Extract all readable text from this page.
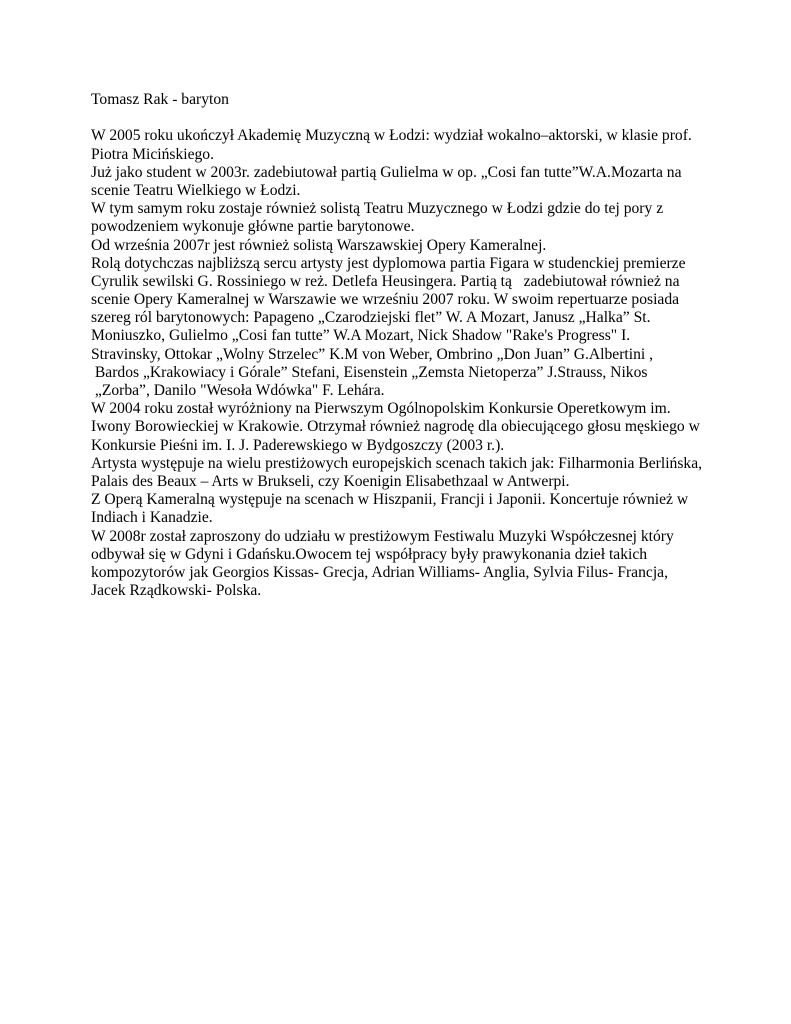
Tomasz Rak - baryton
W 2005 roku ukończył Akademię Muzyczną w Łodzi: wydział wokalno–aktorski, w klasie prof.
Piotra Micińskiego.
Już jako student w 2003r. zadebiutował partią Gulielma w op. „Cosi fan tutte”W.A.Mozarta na
scenie Teatru Wielkiego w Łodzi.
W tym samym roku zostaje również solistą Teatru Muzycznego w Łodzi gdzie do tej pory z
powodzeniem wykonuje główne partie barytonowe.
Od września 2007r jest również solistą Warszawskiej Opery Kameralnej.
Rolą dotychczas najbliższą sercu artysty jest dyplomowa partia Figara w studenckiej premierze
Cyrulik sewilski G. Rossiniego w reż. Detlefa Heusingera. Partią tą   zadebiutował również na
scenie Opery Kameralnej w Warszawie we wrześniu 2007 roku. W swoim repertuarze posiada
szereg ról barytonowych: Papageno „Czarodziejski flet” W. A Mozart, Janusz „Halka” St.
Moniuszko, Gulielmo „Cosi fan tutte” W.A Mozart, Nick Shadow "Rake's Progress" I.
Stravinsky, Ottokar „Wolny Strzelec” K.M von Weber, Ombrino „Don Juan” G.Albertini ,
Bardos „Krakowiacy i Górale” Stefani, Eisenstein „Zemsta Nietoperza” J.Strauss, Nikos
„Zorba”, Danilo "Wesoła Wdówka" F. Lehára.
W 2004 roku został wyróżniony na Pierwszym Ogólnopolskim Konkursie Operetkowym im.
Iwony Borowieckiej w Krakowie. Otrzymał również nagrodę dla obiecującego głosu męskiego w
Konkursie Pieśni im. I. J. Paderewskiego w Bydgoszczy (2003 r.).
Artysta występuje na wielu prestiżowych europejskich scenach takich jak: Filharmonia Berlińska,
Palais des Beaux – Arts w Brukseli, czy Koenigin Elisabethzaal w Antwerpi.
Z Operą Kameralną występuje na scenach w Hiszpanii, Francji i Japonii. Koncertuje również w
Indiach i Kanadzie.
W 2008r został zaproszony do udziału w prestiżowym Festiwalu Muzyki Współczesnej który
odbywał się w Gdyni i Gdańsku.Owocem tej współpracy były prawykonania dzieł takich
kompozytorów jak Georgios Kissas- Grecja, Adrian Williams- Anglia, Sylvia Filus- Francja,
Jacek Rządkowski- Polska.
